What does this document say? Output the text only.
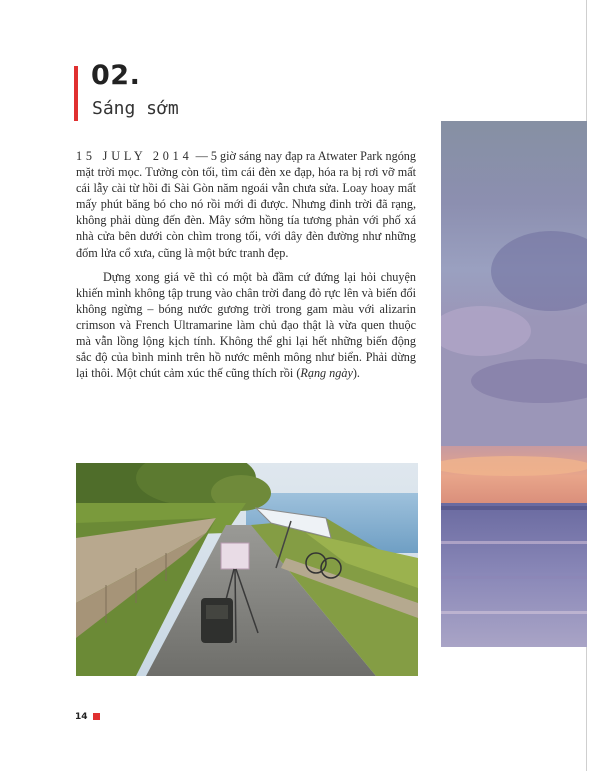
02.
Sáng sớm

15 JULY 2014 — 5 giờ sáng nay đạp ra Atwater Park ngóng mặt trời mọc. Tưởng còn tối, tìm cái đèn xe đạp, hóa ra bị rơi vỡ mất cái lẫy cài từ hồi đi Sài Gòn năm ngoái vẫn chưa sửa. Loay hoay mất mấy phút băng bó cho nó rồi mới đi được. Nhưng đinh trời đã rạng, không phải dùng đến đèn. Mây sớm hồng tía tương phản với phố xá nhà cửa bên dưới còn chìm trong tối, với dây đèn đường như những đốm lửa cổ xưa, cũng là một bức tranh đẹp.

Dựng xong giá vẽ thì có một bà đầm cứ đứng lại hỏi chuyện khiến mình không tập trung vào chân trời đang đỏ rực lên và biến đổi không ngừng – bóng nước gương trời trong gam màu với alizarin crimson và French Ultramarine làm chủ đạo thật là vừa quen thuộc mà vẫn lồng lộng kịch tính. Không thể ghi lại hết những biến động sắc độ của bình minh trên hồ nước mênh mông như biển. Phải dừng lại thôi. Một chút cảm xúc thế cũng thích rồi (Rạng ngày).

14
